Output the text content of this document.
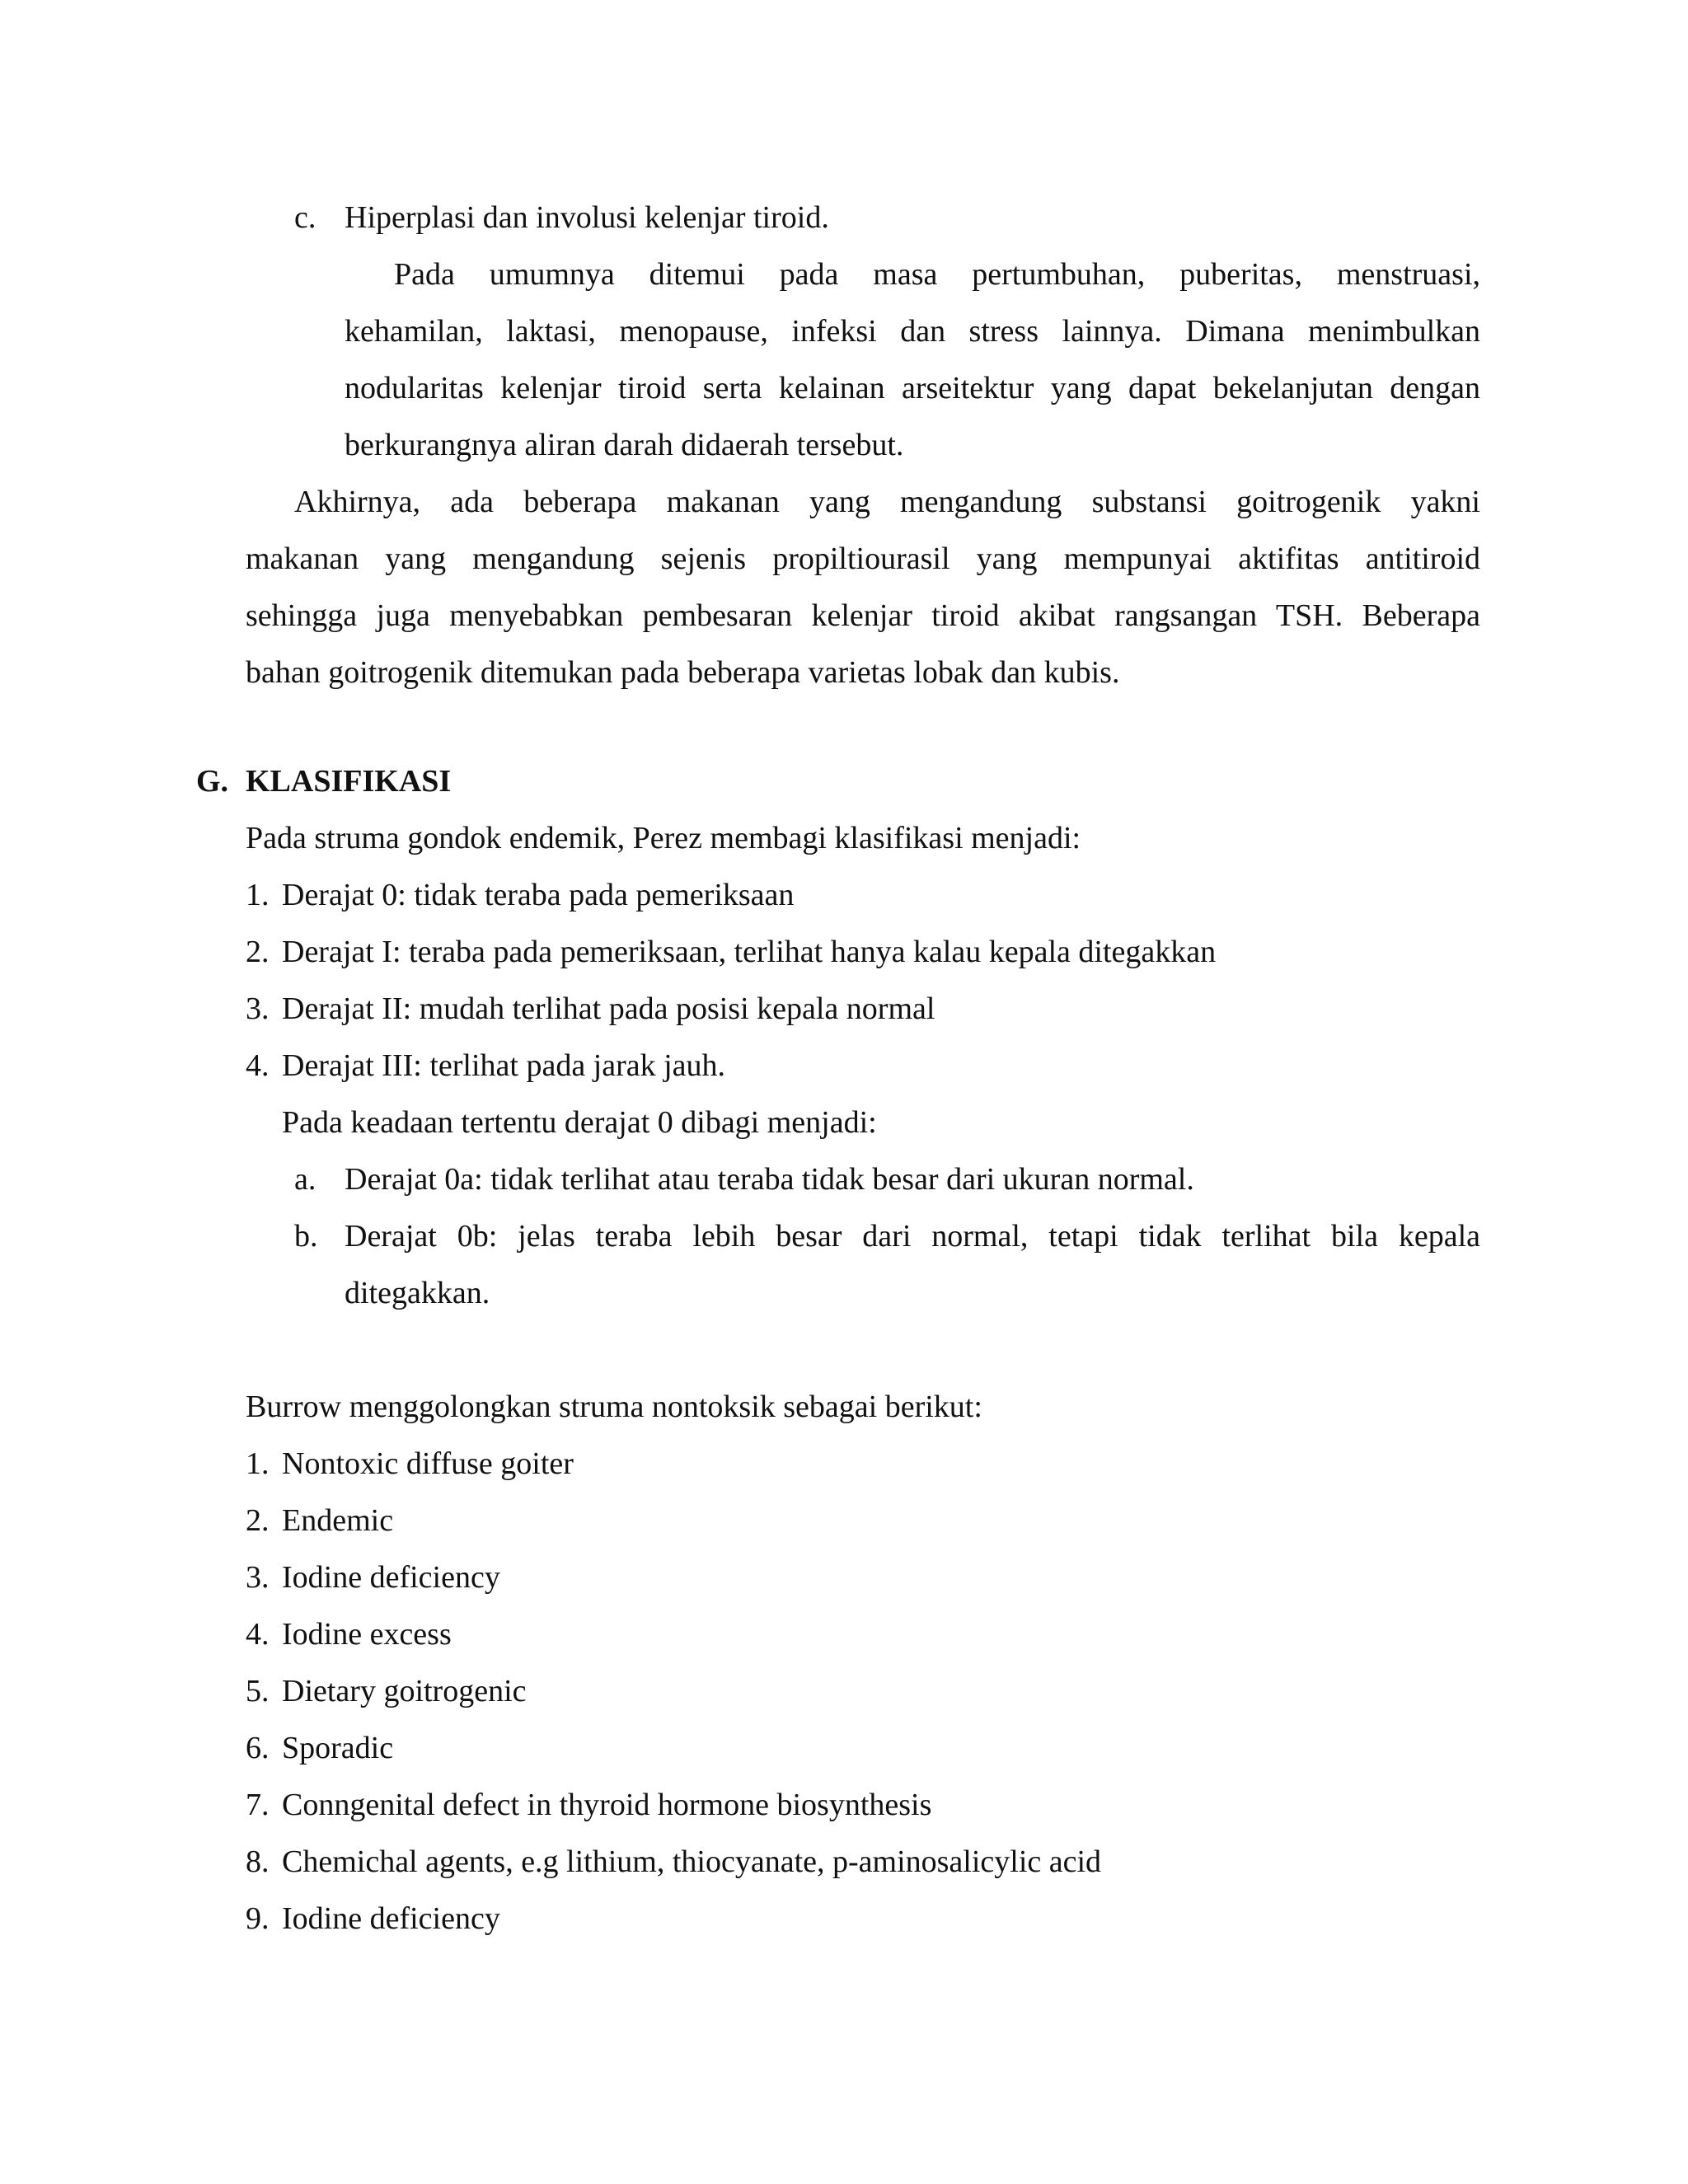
c. Hiperplasi dan involusi kelenjar tiroid.
Pada umumnya ditemui pada masa pertumbuhan, puberitas, menstruasi,
kehamilan, laktasi, menopause, infeksi dan stress lainnya. Dimana menimbulkan
nodularitas kelenjar tiroid serta kelainan arseitektur yang dapat bekelanjutan dengan
berkurangnya aliran darah didaerah tersebut.
Akhirnya, ada beberapa makanan yang mengandung substansi goitrogenik yakni
makanan yang mengandung sejenis propiltiourasil yang mempunyai aktifitas antitiroid
sehingga juga menyebabkan pembesaran kelenjar tiroid akibat rangsangan TSH. Beberapa
bahan goitrogenik ditemukan pada beberapa varietas lobak dan kubis.
G. KLASIFIKASI
Pada struma gondok endemik, Perez membagi klasifikasi menjadi:
1. Derajat 0: tidak teraba pada pemeriksaan
2. Derajat I: teraba pada pemeriksaan, terlihat hanya kalau kepala ditegakkan
3. Derajat II: mudah terlihat pada posisi kepala normal
4. Derajat III: terlihat pada jarak jauh.
Pada keadaan tertentu derajat 0 dibagi menjadi:
a. Derajat 0a: tidak terlihat atau teraba tidak besar dari ukuran normal.
b. Derajat 0b: jelas teraba lebih besar dari normal, tetapi tidak terlihat bila kepala
ditegakkan.
Burrow menggolongkan struma nontoksik sebagai berikut:
1. Nontoxic diffuse goiter
2. Endemic
3. Iodine deficiency
4. Iodine excess
5. Dietary goitrogenic
6. Sporadic
7. Conngenital defect in thyroid hormone biosynthesis
8. Chemichal agents, e.g lithium, thiocyanate, p-aminosalicylic acid
9. Iodine deficiency
